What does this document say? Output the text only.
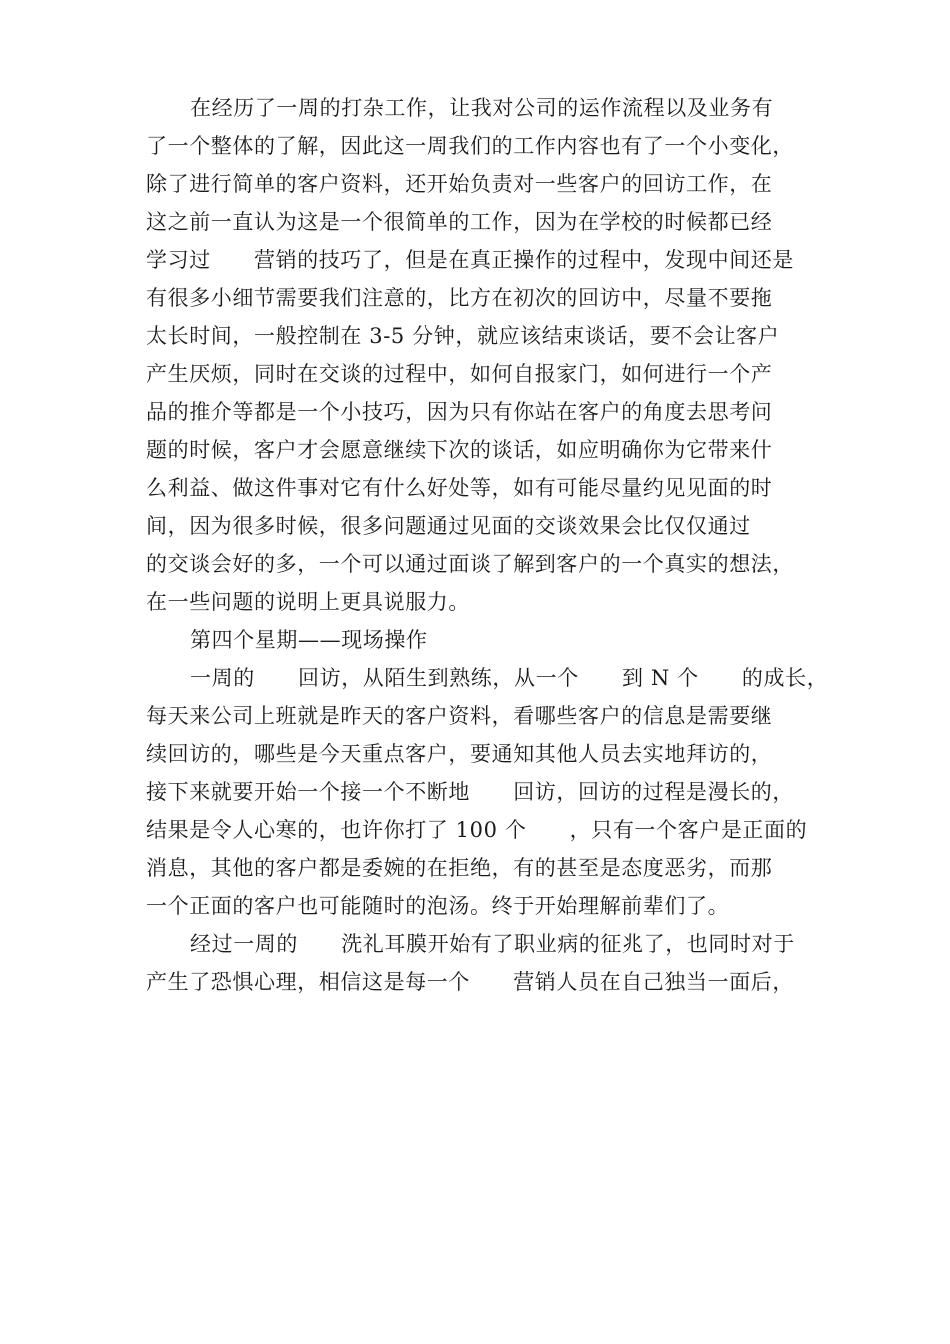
在经历了一周的打杂工作，让我对公司的运作流程以及业务有
了一个整体的了解，因此这一周我们的工作内容也有了一个小变化，
除了进行简单的客户资料，还开始负责对一些客户的回访工作，在
这之前一直认为这是一个很简单的工作，因为在学校的时候都已经
学习过　　营销的技巧了，但是在真正操作的过程中，发现中间还是
有很多小细节需要我们注意的，比方在初次的回访中，尽量不要拖
太长时间，一般控制在 3-5 分钟，就应该结束谈话，要不会让客户
产生厌烦，同时在交谈的过程中，如何自报家门，如何进行一个产
品的推介等都是一个小技巧，因为只有你站在客户的角度去思考问
题的时候，客户才会愿意继续下次的谈话，如应明确你为它带来什
么利益、做这件事对它有什么好处等，如有可能尽量约见见面的时
间，因为很多时候，很多问题通过见面的交谈效果会比仅仅通过
的交谈会好的多，一个可以通过面谈了解到客户的一个真实的想法，
在一些问题的说明上更具说服力。
第四个星期——现场操作
一周的　　回访，从陌生到熟练，从一个　　到 N 个　　的成长，
每天来公司上班就是昨天的客户资料，看哪些客户的信息是需要继
续回访的，哪些是今天重点客户，要通知其他人员去实地拜访的，
接下来就要开始一个接一个不断地　　回访，回访的过程是漫长的，
结果是令人心寒的，也许你打了 100 个　　，只有一个客户是正面的
消息，其他的客户都是委婉的在拒绝，有的甚至是态度恶劣，而那
一个正面的客户也可能随时的泡汤。终于开始理解前辈们了。
经过一周的　　洗礼耳膜开始有了职业病的征兆了，也同时对于
产生了恐惧心理，相信这是每一个　　营销人员在自己独当一面后，
